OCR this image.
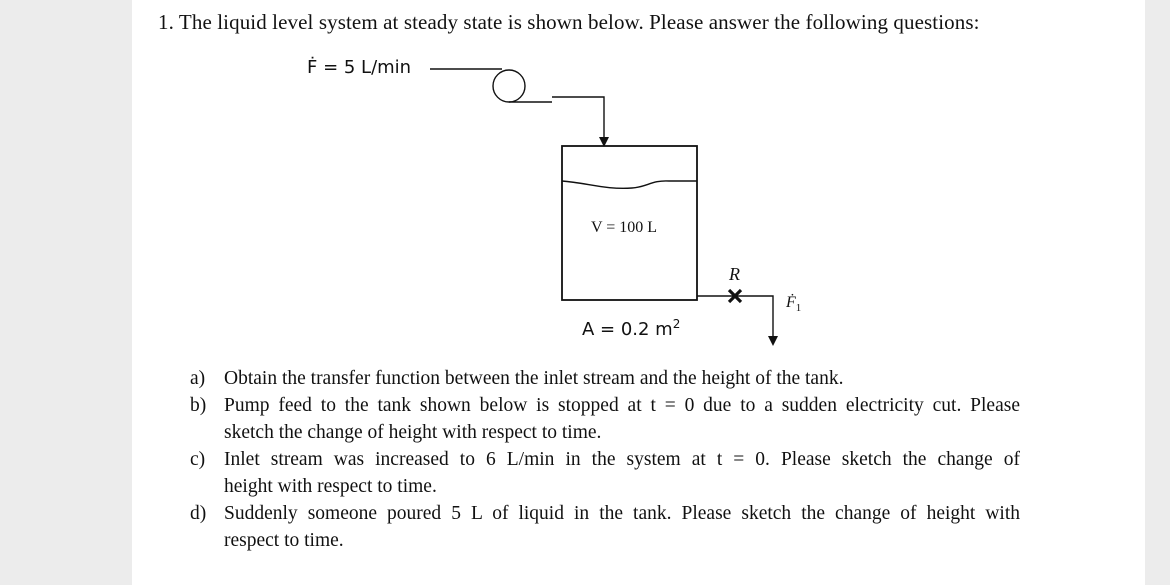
1. The liquid level system at steady state is shown below. Please answer the following questions:
Ḟ = 5 L/min
V = 100 L
A = 0.2 $m^2$
R
Ḟ$_1$
a) Obtain the transfer function between the inlet stream and the height of the tank.
b) Pump feed to the tank shown below is stopped at t = 0 due to a sudden electricity cut. Please
sketch the change of height with respect to time.
c) Inlet stream was increased to 6 L/min in the system at t = 0. Please sketch the change of
height with respect to time.
d) Suddenly someone poured 5 L of liquid in the tank. Please sketch the change of height with
respect to time.
